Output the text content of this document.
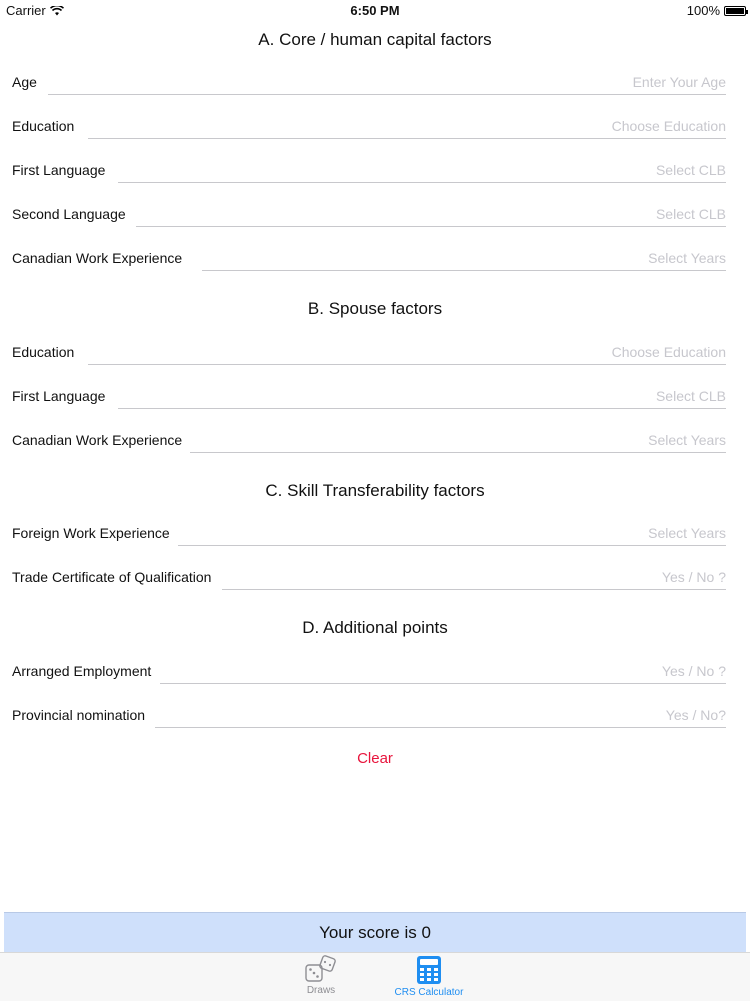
Carrier	6:50 PM	100%
A. Core / human capital factors
Age
Enter Your Age
Education
Choose Education
First Language
Select CLB
Second Language
Select CLB
Canadian Work Experience
Select Years
B. Spouse factors
Education
Choose Education
First Language
Select CLB
Canadian Work Experience
Select Years
C. Skill Transferability factors
Foreign Work Experience
Select Years
Trade Certificate of Qualification
Yes / No ?
D. Additional points
Arranged Employment
Yes / No ?
Provincial nomination
Yes / No?
Clear
Your score is 0
Draws	CRS Calculator
